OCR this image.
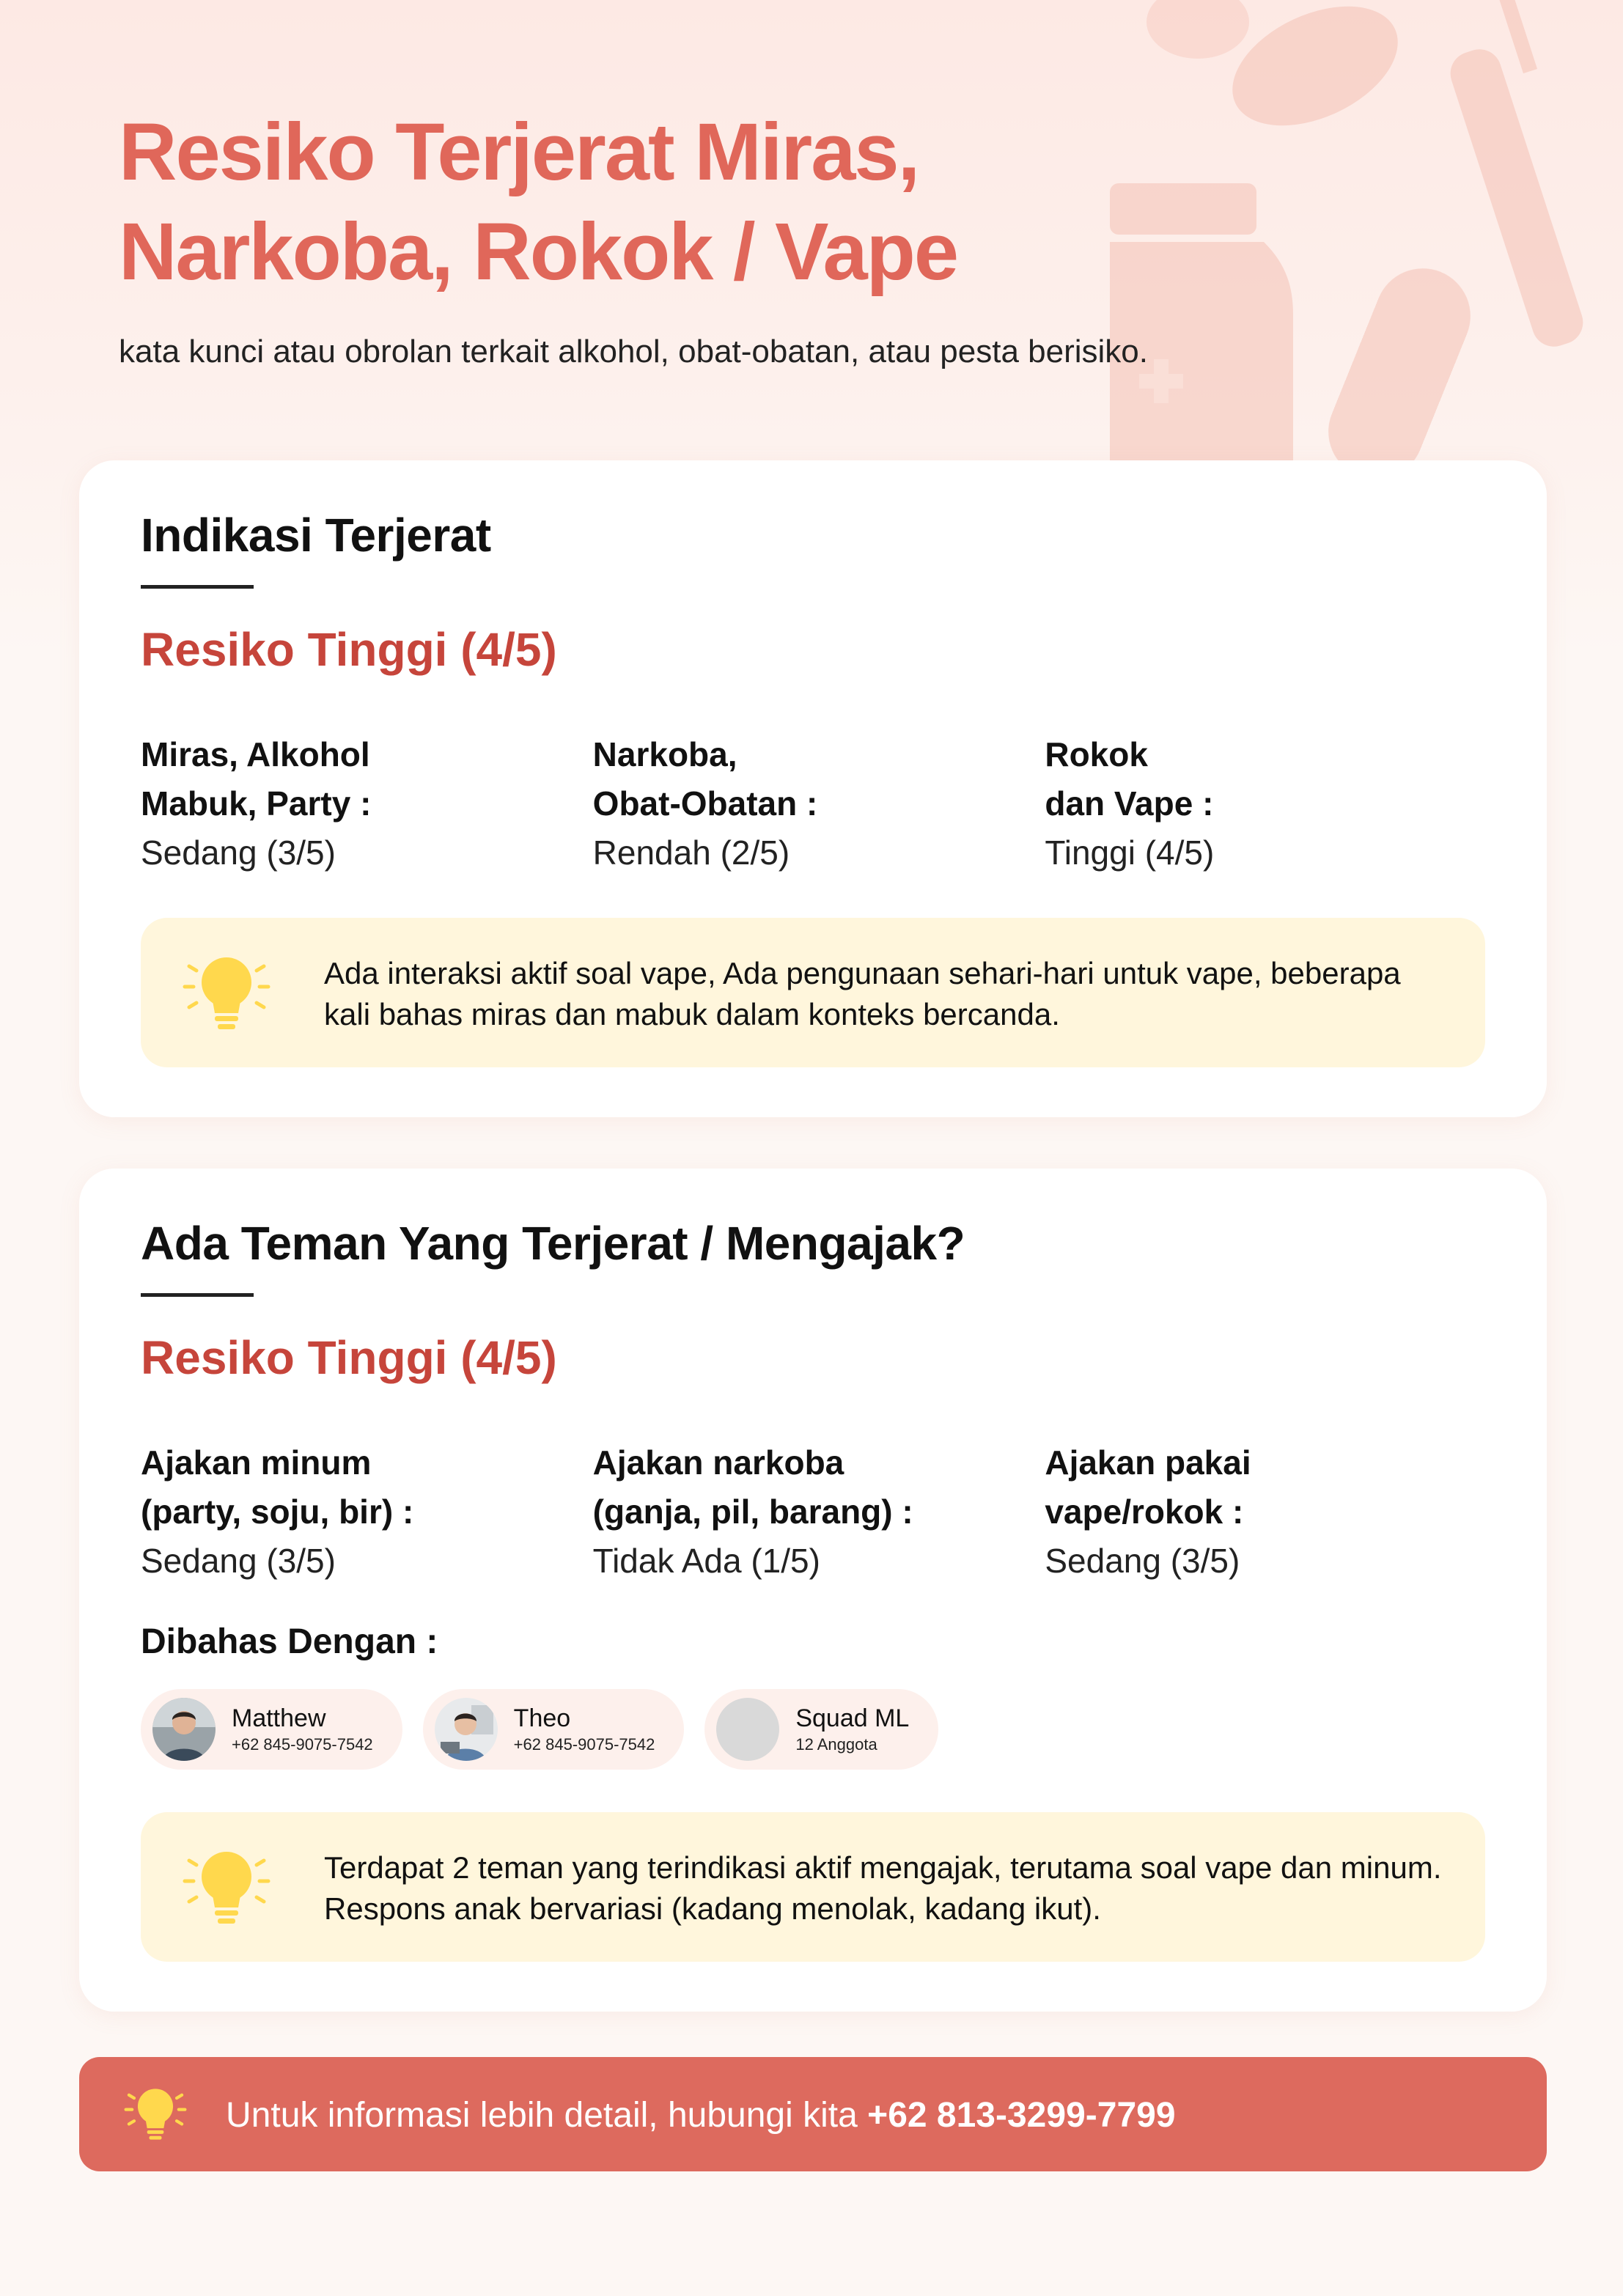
Resiko Terjerat Miras, Narkoba, Rokok / Vape

kata kunci atau obrolan terkait alkohol, obat-obatan, atau pesta berisiko.

Indikasi Terjerat
Resiko Tinggi (4/5)
Miras, Alkohol
Mabuk, Party :
Sedang (3/5)
Narkoba,
Obat-Obatan :
Rendah (2/5)
Rokok
dan Vape :
Tinggi (4/5)

Ada interaksi aktif soal vape, Ada pengunaan sehari-hari untuk vape, beberapa kali bahas miras dan mabuk dalam konteks bercanda.

Ada Teman Yang Terjerat / Mengajak?
Resiko Tinggi (4/5)
Ajakan minum
(party, soju, bir) :
Sedang (3/5)
Ajakan narkoba
(ganja, pil, barang) :
Tidak Ada (1/5)
Ajakan pakai
vape/rokok :
Sedang (3/5)
Dibahas Dengan :
Matthew
+62 845-9075-7542
Theo
+62 845-9075-7542
Squad ML
12 Anggota

Terdapat 2 teman yang terindikasi aktif mengajak, terutama soal vape dan minum. Respons anak bervariasi (kadang menolak, kadang ikut).

Untuk informasi lebih detail, hubungi kita +62 813-3299-7799
